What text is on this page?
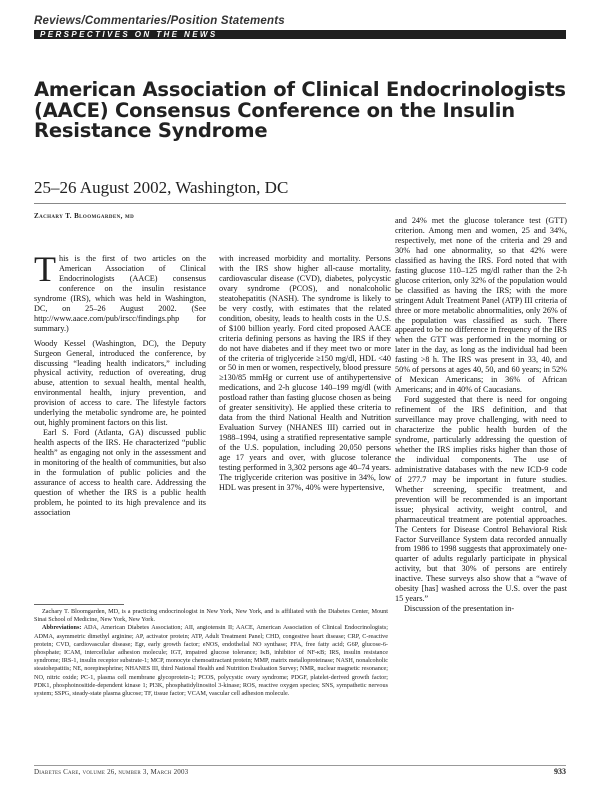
Reviews/Commentaries/Position Statements
PERSPECTIVES ON THE NEWS
American Association of Clinical Endocrinologists (AACE) Consensus Conference on the Insulin Resistance Syndrome
25–26 August 2002, Washington, DC
Zachary T. Bloomgarden, md

This is the first of two articles on the American Association of Clinical Endocrinologists (AACE) consensus conference on the insulin resistance syndrome (IRS), which was held in Washington, DC, on 25–26 August 2002. (See http://www.aace.com/pub/irscc/findings.php for summary.)

Woody Kessel (Washington, DC), the Deputy Surgeon General, introduced the conference, by discussing “leading health indicators,” including physical activity, reduction of overeating, drug abuse, attention to sexual health, mental health, environmental health, injury prevention, and provision of access to care. The lifestyle factors underlying the metabolic syndrome are, he pointed out, highly prominent factors on this list.

Earl S. Ford (Atlanta, GA) discussed public health aspects of the IRS. He characterized “public health” as engaging not only in the assessment and in monitoring of the health of communities, but also in the formulation of public policies and the assurance of access to health care. Addressing the question of whether the IRS is a public health problem, he pointed to its high prevalence and its association

with increased morbidity and mortality. Persons with the IRS show higher all-cause mortality, cardiovascular disease (CVD), diabetes, polycystic ovary syndrome (PCOS), and nonalcoholic steatohepatitis (NASH). The syndrome is likely to be very costly, with estimates that the related condition, obesity, leads to health costs in the U.S. of $100 billion yearly. Ford cited proposed AACE criteria defining persons as having the IRS if they do not have diabetes and if they meet two or more of the criteria of triglyceride ≥150 mg/dl, HDL <40 or 50 in men or women, respectively, blood pressure ≥130/85 mmHg or current use of antihypertensive medications, and 2-h glucose 140–199 mg/dl (with postload rather than fasting glucose chosen as being of greater sensitivity). He applied these criteria to data from the third National Health and Nutrition Evaluation Survey (NHANES III) carried out in 1988–1994, using a stratified representative sample of the U.S. population, including 20,050 persons age 17 years and over, with glucose tolerance testing performed in 3,302 persons age 40–74 years. The triglyceride criterion was positive in 34%, low HDL was present in 37%, 40% were hypertensive,

and 24% met the glucose tolerance test (GTT) criterion. Among men and women, 25 and 34%, respectively, met none of the criteria and 29 and 30% had one abnormality, so that 42% were classified as having the IRS. Ford noted that with fasting glucose 110–125 mg/dl rather than the 2-h glucose criterion, only 32% of the population would be classified as having the IRS; with the more stringent Adult Treatment Panel (ATP) III criteria of three or more metabolic abnormalities, only 26% of the population was classified as such. There appeared to be no difference in frequency of the IRS when the GTT was performed in the morning or later in the day, as long as the individual had been fasting >8 h. The IRS was present in 33, 40, and 50% of persons at ages 40, 50, and 60 years; in 52% of Mexican Americans; in 36% of African Americans; and in 40% of Caucasians.

Ford suggested that there is need for ongoing refinement of the IRS definition, and that surveillance may prove challenging, with need to characterize the public health burden of the syndrome, particularly addressing the question of whether the IRS implies risks higher than those of the individual components. The use of administrative databases with the new ICD-9 code of 277.7 may be important in future studies. Whether screening, specific treatment, and prevention will be recommended is an important issue; physical activity, weight control, and pharmaceutical treatment are potential approaches. The Centers for Disease Control Behavioral Risk Factor Surveillance System data recorded annually from 1986 to 1998 suggests that approximately one-quarter of adults regularly participate in physical activity, but that 30% of persons are entirely inactive. These surveys also show that a “wave of obesity [has] washed across the U.S. over the past 15 years.”

Discussion of the presentation in-

Zachary T. Bloomgarden, MD, is a practicing endocrinologist in New York, New York, and is affiliated with the Diabetes Center, Mount Sinai School of Medicine, New York, New York.

Abbreviations: ADA, American Diabetes Association; AII, angiotensin II; AACE, American Association of Clinical Endocrinologists; ADMA, asymmetric dimethyl arginine; AP, activator protein; ATP, Adult Treatment Panel; CHD, congestive heart disease; CRP, C-reactive protein; CVD, cardiovascular disease; Egr, early growth factor; eNOS, endothelial NO synthase; FFA, free fatty acid; G6P, glucose-6-phosphate; ICAM, intercellular adhesion molecule; IGT, impaired glucose tolerance; IκB, inhibitor of NF-κB; IRS, insulin resistance syndrome; IRS-1, insulin receptor substrate-1; MCP, monocyte chemoattractant protein; MMP, matrix metalloproteinase; NASH, nonalcoholic steatohepatitis; NE, norepinephrine; NHANES III, third National Health and Nutrition Evaluation Survey; NMR, nuclear magnetic resonance; NO, nitric oxide; PC-1, plasma cell membrane glycoprotein-1; PCOS, polycystic ovary syndrome; PDGF, platelet-derived growth factor; PDK1, phosphoinositide-dependent kinase 1; PI3K, phosphatidylinositol 3-kinase; ROS, reactive oxygen species; SNS, sympathetic nervous system; SSPG, steady-state plasma glucose; TF, tissue factor; VCAM, vascular cell adhesion molecule.

Diabetes Care, volume 26, number 3, March 2003	933
